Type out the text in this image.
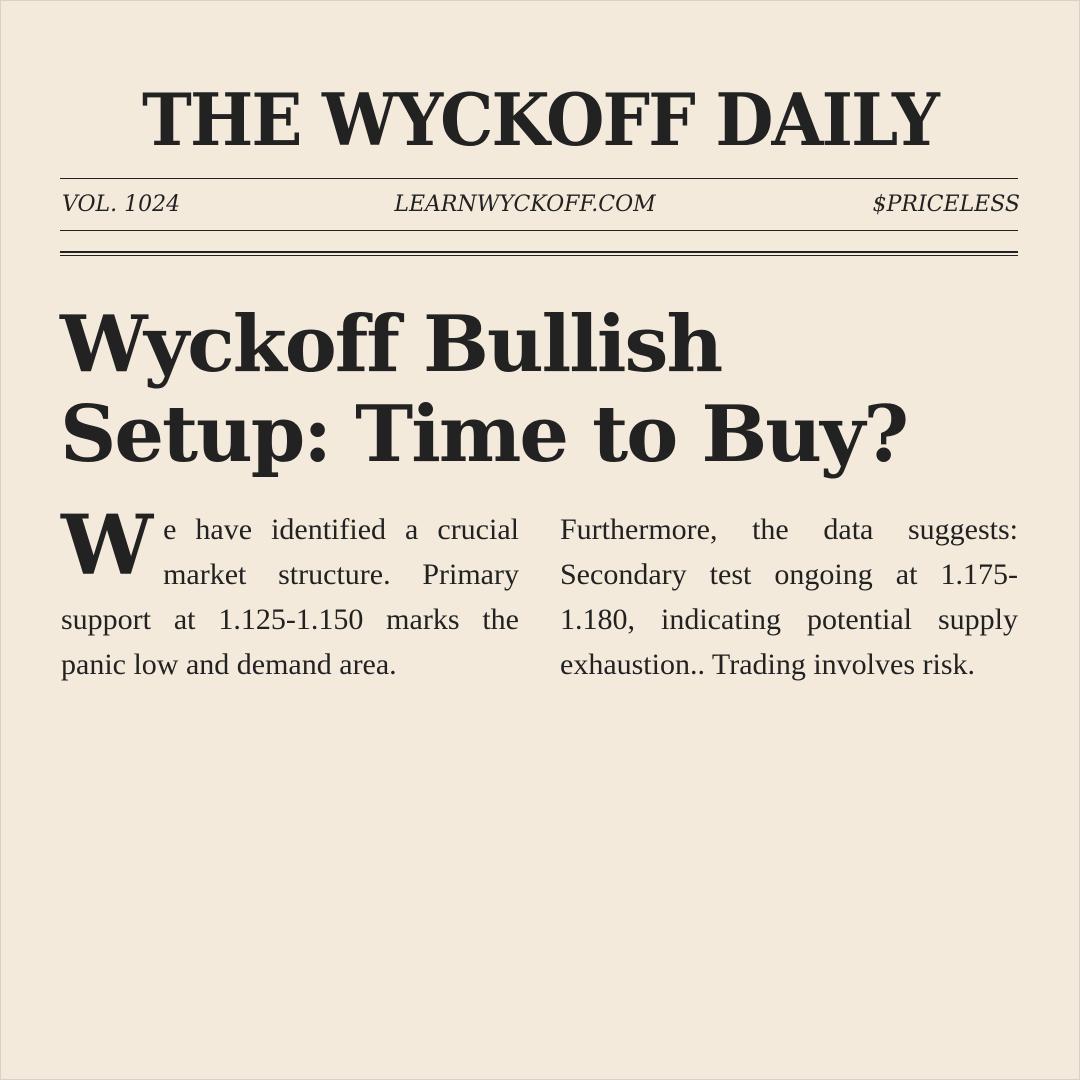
THE WYCKOFF DAILY
VOL. 1024	LEARNWYCKOFF.COM	$PRICELESS
Wyckoff Bullish
Setup: Time to Buy?
We have identified a crucial market structure. Primary support at 1.125-1.150 marks the panic low and demand area.
Furthermore, the data suggests: Secondary test ongoing at 1.175-1.180, indicating potential supply exhaustion.. Trading involves risk.
